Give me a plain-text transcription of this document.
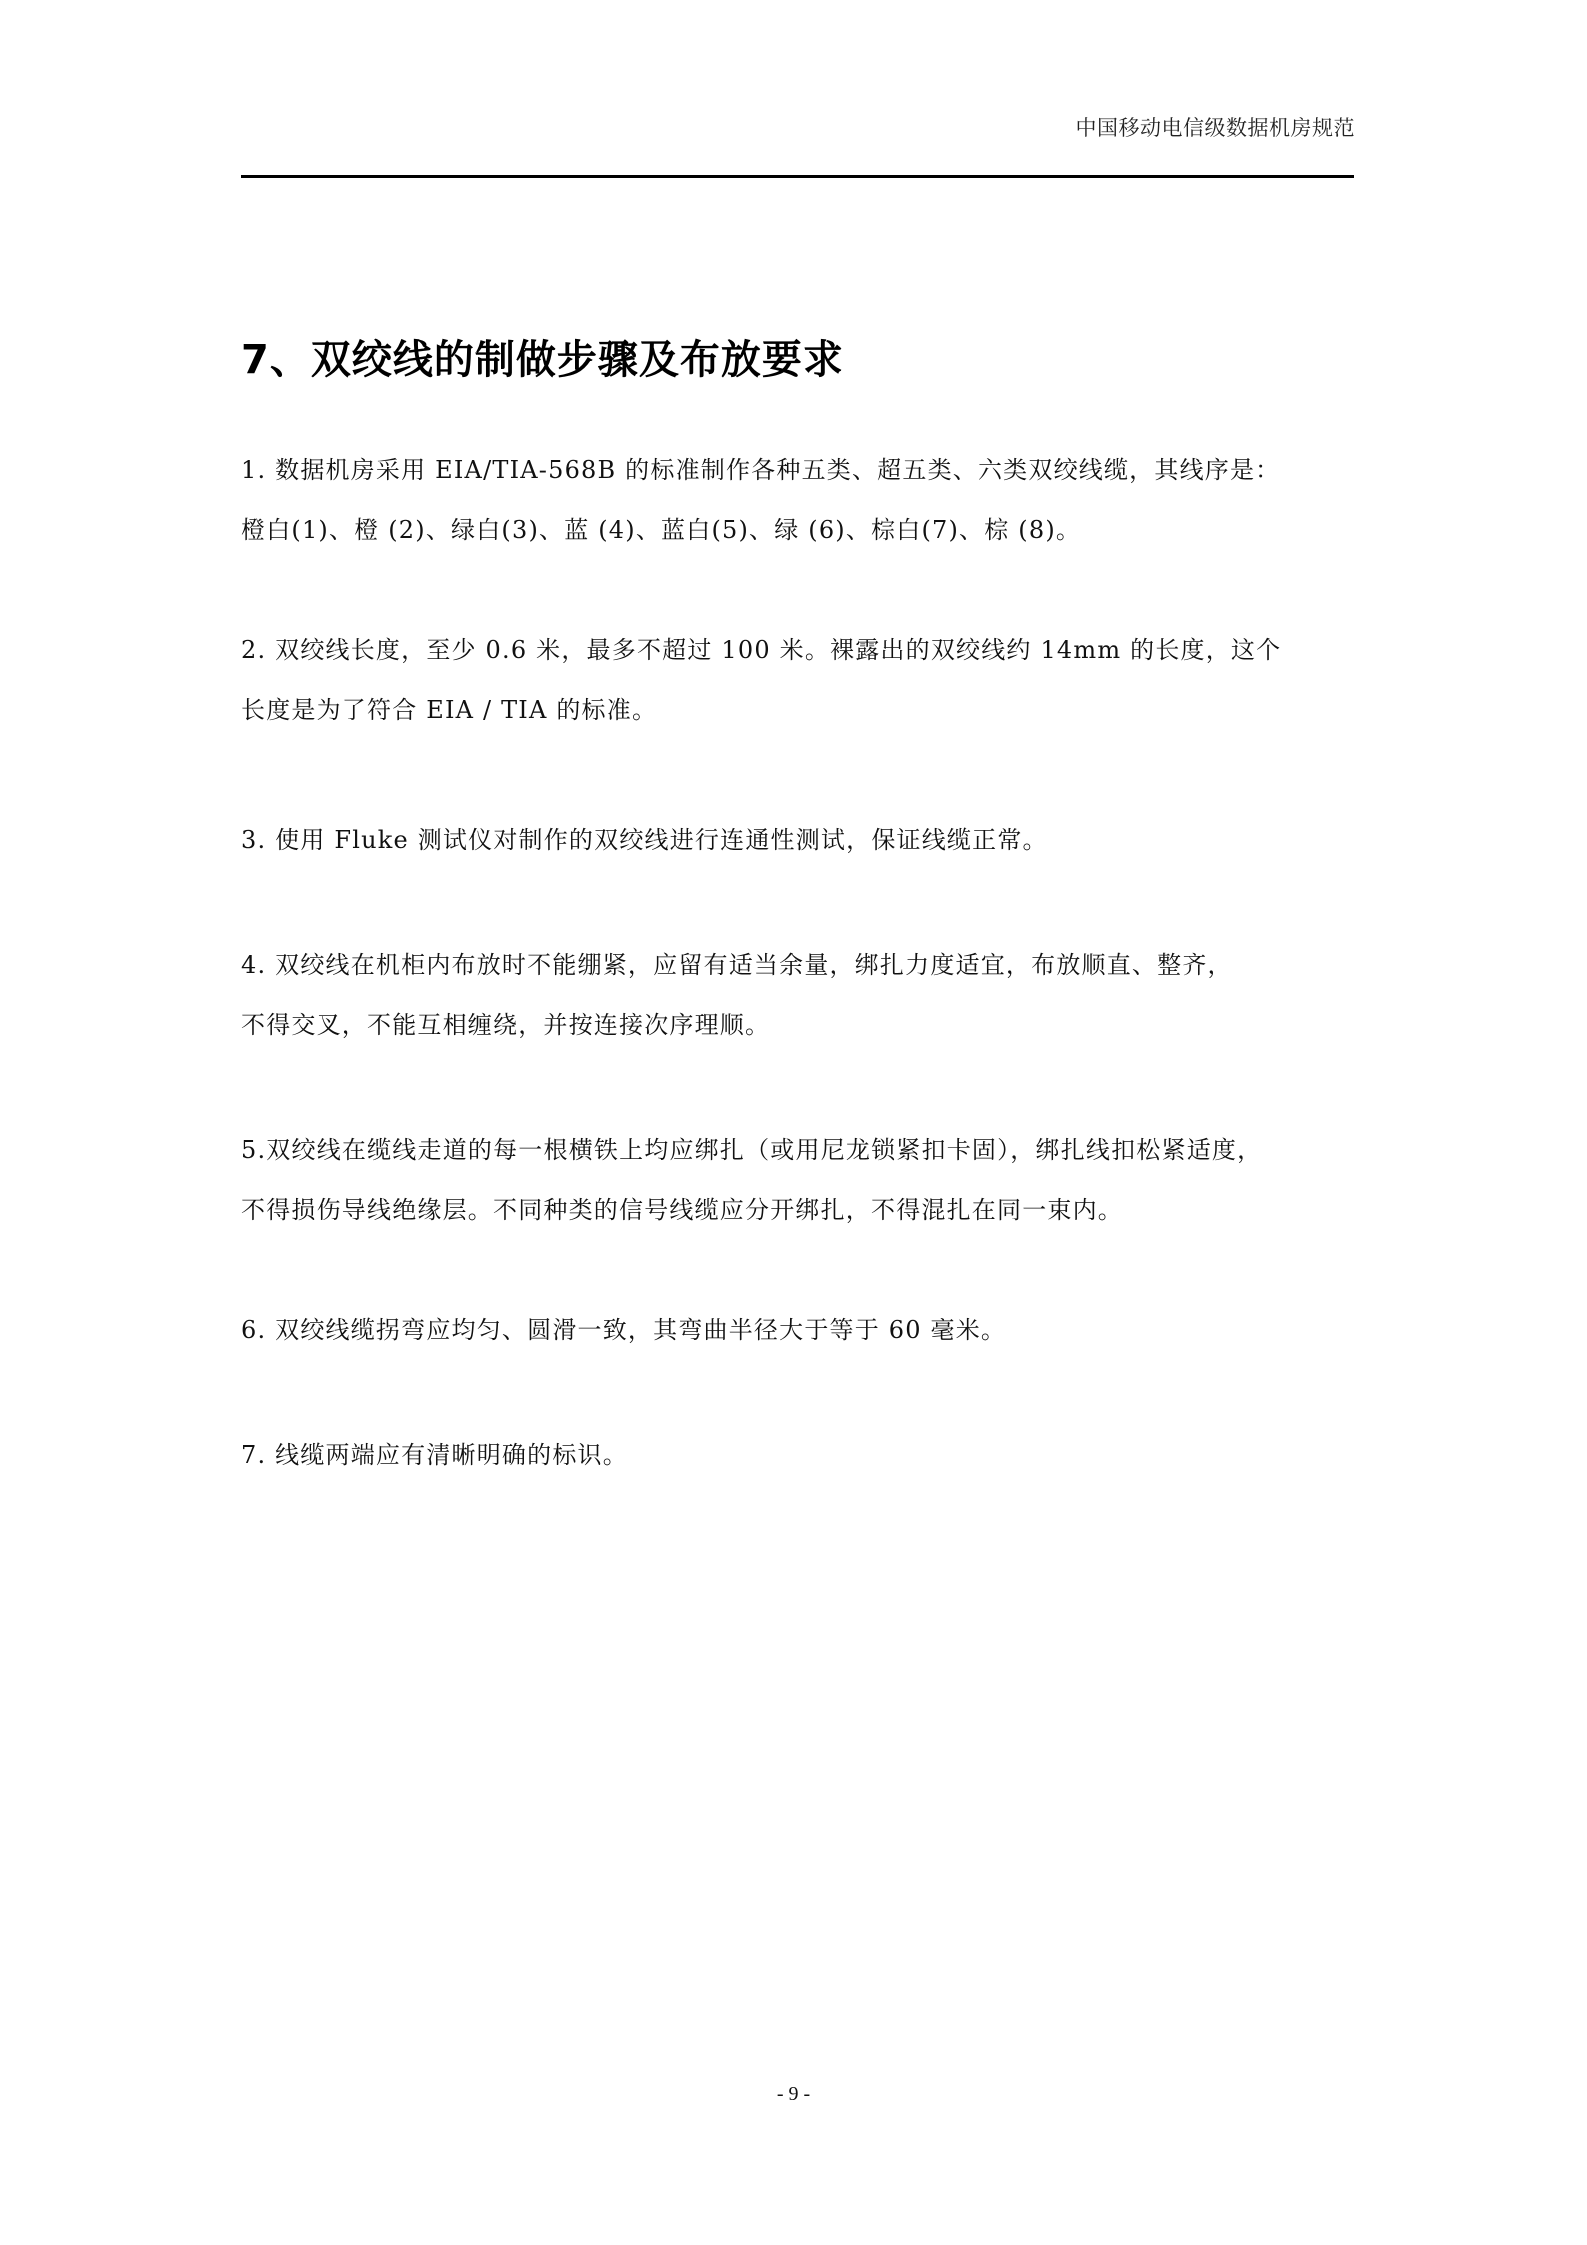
中国移动电信级数据机房规范
7、双绞线的制做步骤及布放要求
1. 数据机房采用 EIA/TIA-568B 的标准制作各种五类、超五类、六类双绞线缆，其线序是：
橙白(1)、橙 (2)、绿白(3)、蓝 (4)、蓝白(5)、绿 (6)、棕白(7)、棕 (8)。
2. 双绞线长度，至少 0.6 米，最多不超过 100 米。裸露出的双绞线约 14mm 的长度，这个
长度是为了符合 EIA / TIA 的标准。
3. 使用 Fluke 测试仪对制作的双绞线进行连通性测试，保证线缆正常。
4. 双绞线在机柜内布放时不能绷紧，应留有适当余量，绑扎力度适宜，布放顺直、整齐，
不得交叉，不能互相缠绕，并按连接次序理顺。
5.双绞线在缆线走道的每一根横铁上均应绑扎（或用尼龙锁紧扣卡固），绑扎线扣松紧适度，
不得损伤导线绝缘层。不同种类的信号线缆应分开绑扎，不得混扎在同一束内。
6. 双绞线缆拐弯应均匀、圆滑一致，其弯曲半径大于等于 60 毫米。
7. 线缆两端应有清晰明确的标识。
- 9 -
